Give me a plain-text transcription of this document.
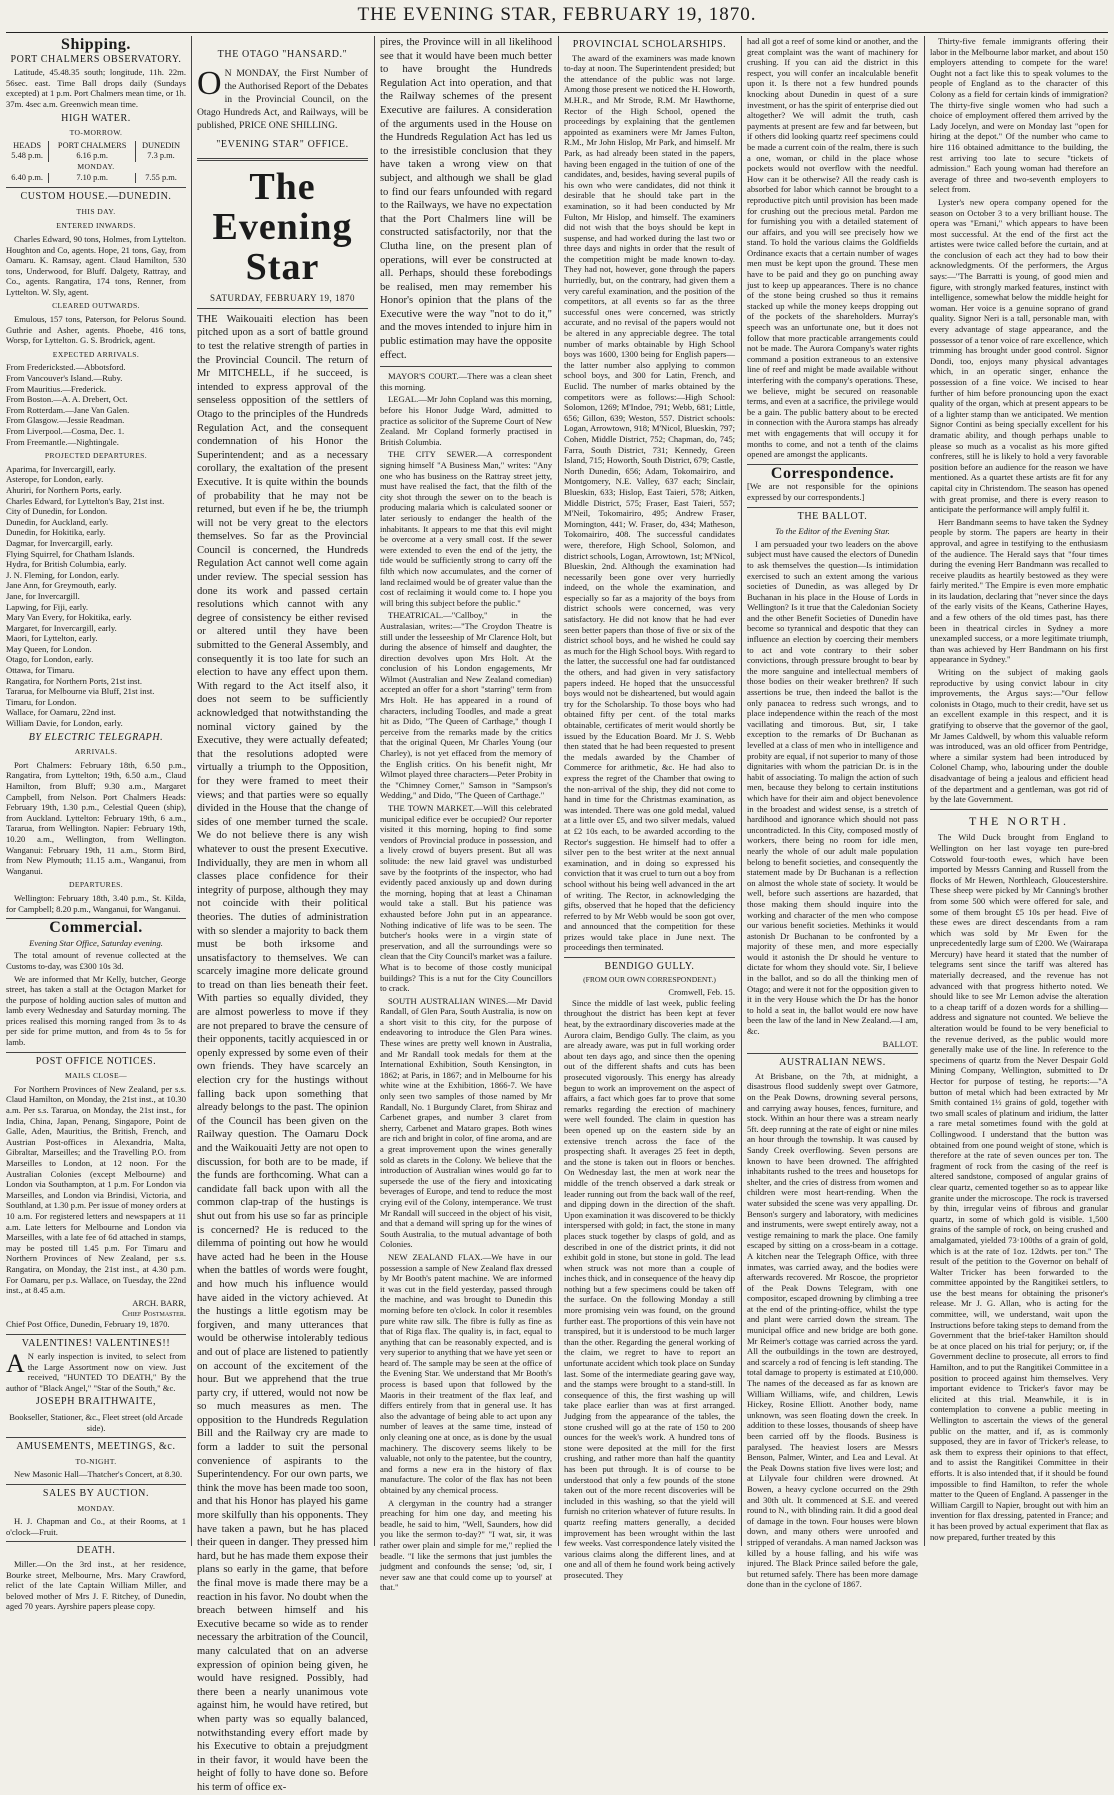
THE EVENING STAR, FEBRUARY 19, 1870.
Shipping.
PORT CHALMERS OBSERVATORY.

Latitude, 45.48.35 south; longitude, 11h. 22m. 56sec. east. Time Ball drops daily (Sundays excepted) at 1 p.m. Port Chalmers mean time, or 1h. 37m. 4sec a.m. Greenwich mean time.

HIGH WATER.
TO-MORROW.
HEADS	PORT CHALMERS	DUNEDIN
5.48 p.m.	6.16 p.m.	7.3 p.m.
MONDAY.		
6.40 p.m.	7.10 p.m.	7.55 p.m.
CUSTOM HOUSE.—DUNEDIN.
THIS DAY.
ENTERED INWARDS.

Charles Edward, 90 tons, Holmes, from Lyttelton. Houghton and Co, agents. Hope, 21 tons, Gay, from Oamaru. K. Ramsay, agent. Claud Hamilton, 530 tons, Underwood, for Bluff. Dalgety, Rattray, and Co., agents. Rangatira, 174 tons, Renner, from Lyttelton. W. Sly, agent.

CLEARED OUTWARDS.

Emulous, 157 tons, Paterson, for Pelorus Sound. Guthrie and Asher, agents. Phoebe, 416 tons, Worsp, for Lyttelton. G. S. Brodrick, agent.

EXPECTED ARRIVALS.
From Fredericksted.—Abbotsford.
From Vancouver's Island.—Ruby.
From Mauritius.—Frederick.
From Boston.—A. A. Drebert, Oct.
From Rotterdam.—Jane Van Galen.
From Glasgow.—Jessie Readman.
From Liverpool.—Cosma, Dec. 1.
From Freemantle.—Nightingale.
PROJECTED DEPARTURES.
Aparima, for Invercargill, early.
Asterope, for London, early.
Ahuriri, for Northern Ports, early.
Charles Edward, for Lyttelton's Bay, 21st inst.
City of Dunedin, for London.
Dunedin, for Auckland, early.
Dunedin, for Hokitika, early.
Dagmar, for Invercargill, early.
Flying Squirrel, for Chatham Islands.
Hydra, for British Columbia, early.
J. N. Fleming, for London, early.
Jane Ann, for Greymouth, early.
Jane, for Invercargill.
Lapwing, for Fiji, early.
Mary Van Every, for Hokitika, early.
Margaret, for Invercargill, early.
Maori, for Lyttelton, early.
May Queen, for London.
Otago, for London, early.
Ottawa, for Timaru.
Rangatira, for Northern Ports, 21st inst.
Tararua, for Melbourne via Bluff, 21st inst.
Timaru, for London.
Wallace, for Oamaru, 22nd inst.
William Davie, for London, early.
BY ELECTRIC TELEGRAPH.
ARRIVALS.

Port Chalmers: February 18th, 6.50 p.m., Rangatira, from Lyttelton; 19th, 6.50 a.m., Claud Hamilton, from Bluff; 9.30 a.m., Margaret Campbell, from Nelson. Port Chalmers Heads: February 19th, 1.30 p.m., Celestial Queen (ship), from Auckland. Lyttelton: February 19th, 6 a.m., Tararua, from Wellington. Napier: February 19th, 10.20 a.m., Wellington, from Wellington. Wanganui: February 19th, 11 a.m., Storm Bird, from New Plymouth; 11.15 a.m., Wanganui, from Wanganui.

DEPARTURES.

Wellington: February 18th, 3.40 p.m., St. Kilda, for Campbell; 8.20 p.m., Wanganui, for Wanganui.

Commercial.
Evening Star Office, Saturday evening.

The total amount of revenue collected at the Customs to-day, was £300 10s 3d.

We are informed that Mr Kelly, butcher, George street, has taken a stall at the Octagon Market for the purpose of holding auction sales of mutton and lamb every Wednesday and Saturday morning. The prices realised this morning ranged from 3s to 4s per side for prime mutton, and from 4s to 5s for lamb.

POST OFFICE NOTICES.
MAILS CLOSE—

For Northern Provinces of New Zealand, per s.s. Claud Hamilton, on Monday, the 21st inst., at 10.30 a.m. Per s.s. Tararua, on Monday, the 21st inst., for India, China, Japan, Penang, Singapore, Point de Galle, Aden, Mauritius, the British, French, and Austrian Post-offices in Alexandria, Malta, Gibraltar, Marseilles; and the Travelling P.O. from Marseilles to London, at 12 noon. For the Australian Colonies (except Melbourne) and London via Southampton, at 1 p.m. For London via Marseilles, and London via Brindisi, Victoria, and Southland, at 1.30 p.m. Per issue of money orders at 10 a.m. For registered letters and newspapers at 11 a.m. Late letters for Melbourne and London via Marseilles, with a late fee of 6d attached in stamps, may be posted till 1.45 p.m. For Timaru and Northern Provinces of New Zealand, per s.s. Rangatira, on Monday, the 21st inst., at 4.30 p.m. For Oamaru, per p.s. Wallace, on Tuesday, the 22nd inst., at 8.45 a.m.

ARCH. BARR,
Chief Postmaster.

Chief Post Office, Dunedin, February 19, 1870.

VALENTINES! VALENTINES!!

A N early inspection is invited, to select from the Large Assortment now on view. Just received, "HUNTED TO DEATH," By the author of "Black Angel," "Star of the South," &c.

JOSEPH BRAITHWAITE,
Bookseller, Stationer, &c., Fleet street (old Arcade side).
AMUSEMENTS, MEETINGS, &c.
TO-NIGHT.

New Masonic Hall—Thatcher's Concert, at 8.30.

SALES BY AUCTION.
MONDAY.

H. J. Chapman and Co., at their Rooms, at 1 o'clock—Fruit.

DEATH.

Miller.—On the 3rd inst., at her residence, Bourke street, Melbourne, Mrs. Mary Crawford, relict of the late Captain William Miller, and beloved mother of Mrs J. F. Ritchey, of Dunedin, aged 70 years. Ayrshire papers please copy.

THE OTAGO "HANSARD."

O N MONDAY, the First Number of the Authorised Report of the Debates in the Provincial Council, on the Otago Hundreds Act, and Railways, will be published, PRICE ONE SHILLING.

"EVENING STAR" OFFICE.
The Evening Star
SATURDAY, FEBRUARY 19, 1870

THE Waikouaiti election has been pitched upon as a sort of battle ground to test the relative strength of parties in the Provincial Council. The return of Mr MITCHELL, if he succeed, is intended to express approval of the senseless opposition of the settlers of Otago to the principles of the Hundreds Regulation Act, and the consequent condemnation of his Honor the Superintendent; and as a necessary corollary, the exaltation of the present Executive. It is quite within the bounds of probability that he may not be returned, but even if he be, the triumph will not be very great to the electors themselves. So far as the Provincial Council is concerned, the Hundreds Regulation Act cannot well come again under review. The special session has done its work and passed certain resolutions which cannot with any degree of consistency be either revised or altered until they have been submitted to the General Assembly, and consequently it is too late for such an election to have any effect upon them. With regard to the Act itself also, it does not seem to be sufficiently acknowledged that notwithstanding the nominal victory gained by the Executive, they were actually defeated; that the resolutions adopted were virtually a triumph to the Opposition, for they were framed to meet their views; and that parties were so equally divided in the House that the change of sides of one member turned the scale. We do not believe there is any wish whatever to oust the present Executive. Individually, they are men in whom all classes place confidence for their integrity of purpose, although they may not coincide with their political theories. The duties of administration with so slender a majority to back them must be both irksome and unsatisfactory to themselves. We can scarcely imagine more delicate ground to tread on than lies beneath their feet. With parties so equally divided, they are almost powerless to move if they are not prepared to brave the censure of their opponents, tacitly acquiesced in or openly expressed by some even of their own friends. They have scarcely an election cry for the hustings without falling back upon something that already belongs to the past. The opinion of the Council has been given on the Railway question. The Oamaru Dock and the Waikouaiti Jetty are not open to discussion, for both are to be made, if the funds are forthcoming. What can a candidate fall back upon with all the common clap-trap of the hustings is shut out from his use so far as principle is concerned? He is reduced to the dilemma of pointing out how he would have acted had he been in the House when the battles of words were fought, and how much his influence would have aided in the victory achieved. At the hustings a little egotism may be forgiven, and many utterances that would be otherwise intolerably tedious and out of place are listened to patiently on account of the excitement of the hour. But we apprehend that the true party cry, if uttered, would not now be so much measures as men. The opposition to the Hundreds Regulation Bill and the Railway cry are made to form a ladder to suit the personal convenience of aspirants to the Superintendency. For our own parts, we think the move has been made too soon, and that his Honor has played his game more skilfully than his opponents. They have taken a pawn, but he has placed their queen in danger. They pressed him hard, but he has made them expose their plans so early in the game, that before the final move is made there may be a reaction in his favor. No doubt when the breach between himself and his Executive became so wide as to render necessary the arbitration of the Council, many calculated that on an adverse expression of opinion being given, he would have resigned. Possibly, had there been a nearly unanimous vote against him, he would have retired, but when party was so equally balanced, notwithstanding every effort made by his Executive to obtain a prejudgment in their favor, it would have been the height of folly to have done so. Before his term of office ex-

pires, the Province will in all likelihood see that it would have been much better to have brought the Hundreds Regulation Act into operation, and that the Railway schemes of the present Executive are failures. A consideration of the arguments used in the House on the Hundreds Regulation Act has led us to the irresistible conclusion that they have taken a wrong view on that subject, and although we shall be glad to find our fears unfounded with regard to the Railways, we have no expectation that the Port Chalmers line will be constructed satisfactorily, nor that the Clutha line, on the present plan of operations, will ever be constructed at all. Perhaps, should these forebodings be realised, men may remember his Honor's opinion that the plans of the Executive were the way "not to do it," and the moves intended to injure him in public estimation may have the opposite effect.

MAYOR'S COURT.—There was a clean sheet this morning.

LEGAL.—Mr John Copland was this morning, before his Honor Judge Ward, admitted to practice as solicitor of the Supreme Court of New Zealand. Mr Copland formerly practised in British Columbia.

THE CITY SEWER.—A correspondent signing himself "A Business Man," writes: "Any one who has business on the Rattray street jetty, must have realised the fact, that the filth of the city shot through the sewer on to the beach is producing malaria which is calculated sooner or later seriously to endanger the health of the inhabitants. It appears to me that this evil might be overcome at a very small cost. If the sewer were extended to even the end of the jetty, the tide would be sufficiently strong to carry off the filth which now accumulates, and the corner of land reclaimed would be of greater value than the cost of reclaiming it would come to. I hope you will bring this subject before the public."

THEATRICAL.—"Callboy," in the Australasian, writes:—"The Croydon Theatre is still under the lesseeship of Mr Clarence Holt, but during the absence of himself and daughter, the direction devolves upon Mrs Holt. At the conclusion of his London engagements, Mr Wilmot (Australian and New Zealand comedian) accepted an offer for a short "starring" term from Mrs Holt. He has appeared in a round of characters, including Toodles, and made a great hit as Dido, "The Queen of Carthage," though I perceive from the remarks made by the critics that the original Queen, Mr Charles Young (our Charley), is not yet effaced from the memory of the English critics. On his benefit night, Mr Wilmot played three characters—Peter Probity in the "Chimney Corner," Samson in "Sampson's Wedding," and Dido, "The Queen of Carthage."

THE TOWN MARKET.—Will this celebrated municipal edifice ever be occupied? Our reporter visited it this morning, hoping to find some vendors of Provincial produce in possession, and a lively crowd of buyers present. But all was solitude: the new laid gravel was undisturbed save by the footprints of the inspector, who had evidently paced anxiously up and down during the morning, hoping that at least a Chinaman would take a stall. But his patience was exhausted before John put in an appearance. Nothing indicative of life was to be seen. The butcher's hooks were in a virgin state of preservation, and all the surroundings were so clean that the City Council's market was a failure. What is to become of those costly municipal buildings? This is a nut for the City Councillors to crack.

SOUTH AUSTRALIAN WINES.—Mr David Randall, of Glen Para, South Australia, is now on a short visit to this city, for the purpose of endeavoring to introduce the Glen Para wines. These wines are pretty well known in Australia, and Mr Randall took medals for them at the International Exhibition, South Kensington, in 1862; at Paris, in 1867; and in Melbourne for his white wine at the Exhibition, 1866-7. We have only seen two samples of those named by Mr Randall, No. 1 Burgundy Claret, from Shiraz and Carbenet grapes, and number 3 claret from sherry, Carbenet and Mataro grapes. Both wines are rich and bright in color, of fine aroma, and are a great improvement upon the wines generally sold as clarets in the Colony. We believe that the introduction of Australian wines would go far to supersede the use of the fiery and intoxicating beverages of Europe, and tend to reduce the most crying evil of the Colony, intemperance. We trust Mr Randall will succeed in the object of his visit, and that a demand will spring up for the wines of South Australia, to the mutual advantage of both Colonies.

NEW ZEALAND FLAX.—We have in our possession a sample of New Zealand flax dressed by Mr Booth's patent machine. We are informed it was cut in the field yesterday, passed through the machine, and was brought to Dunedin this morning before ten o'clock. In color it resembles pure white raw silk. The fibre is fully as fine as that of Riga flax. The quality is, in fact, equal to anything that can be reasonably expected, and is very superior to anything that we have yet seen or heard of. The sample may be seen at the office of the Evening Star. We understand that Mr Booth's process is based upon that followed by the Maoris in their treatment of the flax leaf, and differs entirely from that in general use. It has also the advantage of being able to act upon any number of leaves at the same time, instead of only cleaning one at once, as is done by the usual machinery. The discovery seems likely to be valuable, not only to the patentee, but the country, and forms a new era in the history of flax manufacture. The color of the flax has not been obtained by any chemical process.

A clergyman in the country had a stranger preaching for him one day, and meeting his beadle, he said to him, "Well, Saunders, how did you like the sermon to-day?" "I wat, sir, it was rather ower plain and simple for me," replied the beadle. "I like the sermons that just jumbles the judgment and confounds the sense; 'od, sir, I never saw ane that could come up to yoursel' at that."

PROVINCIAL SCHOLARSHIPS.

The award of the examiners was made known to-day at noon. The Superintendent presided; but the attendance of the public was not large. Among those present we noticed the H. Howorth, M.H.R., and Mr Strode, R.M. Mr Hawthorne, Rector of the High School, opened the proceedings by explaining that the gentlemen appointed as examiners were Mr James Fulton, R.M., Mr John Hislop, Mr Park, and himself. Mr Park, as had already been stated in the papers, having been engaged in the tuition of one of the candidates, and, besides, having several pupils of his own who were candidates, did not think it desirable that he should take part in the examination, so it had been conducted by Mr Fulton, Mr Hislop, and himself. The examiners did not wish that the boys should be kept in suspense, and had worked during the last two or three days and nights in order that the result of the competition might be made known to-day. They had not, however, gone through the papers hurriedly, but, on the contrary, had given them a very careful examination, and the position of the competitors, at all events so far as the three successful ones were concerned, was strictly accurate, and no revisal of the papers would not be altered in any appreciable degree. The total number of marks obtainable by High School boys was 1600, 1300 being for English papers—the latter number also applying to common school boys, and 300 for Latin, French, and Euclid. The number of marks obtained by the competitors were as follows:—High School: Solomon, 1269; M'Indoe, 791; Webb, 681; Little, 656; Gillon, 639; Weston, 557. District schools: Logan, Arrowtown, 918; M'Nicol, Blueskin, 797; Cohen, Middle District, 752; Chapman, do, 745; Farra, South District, 731; Kennedy, Green Island, 715; Howorth, South District, 679; Castle, North Dunedin, 656; Adam, Tokomairiro, and Montgomery, N.E. Valley, 637 each; Sinclair, Blueskin, 633; Hislop, East Taieri, 578; Aitken, Middle District, 575; Fraser, East Taieri, 557; M'Neil, Tokomairiro, 495; Andrew Fraser, Mornington, 441; W. Fraser, do, 434; Matheson, Tokomairiro, 408. The successful candidates were, therefore, High School, Solomon, and district schools, Logan, Arrowtown, 1st; M'Nicol, Blueskin, 2nd. Although the examination had necessarily been gone over very hurriedly indeed, on the whole the examination, and especially so far as a majority of the boys from district schools were concerned, was very satisfactory. He did not know that he had ever seen better papers than those of five or six of the district school boys, and he wished he could say as much for the High School boys. With regard to the latter, the successful one had far outdistanced the others, and had given in very satisfactory papers indeed. He hoped that the unsuccessful boys would not be disheartened, but would again try for the Scholarship. To those boys who had obtained fifty per cent. of the total marks obtainable, certificates of merit would shortly be issued by the Education Board. Mr J. S. Webb then stated that he had been requested to present the medals awarded by the Chamber of Commerce for arithmetic, &c. He had also to express the regret of the Chamber that owing to the non-arrival of the ship, they did not come to hand in time for the Christmas examination, as was intended. There was one gold medal, valued at a little over £5, and two silver medals, valued at £2 10s each, to be awarded according to the Rector's suggestion. He himself had to offer a silver pen to the best writer at the next annual examination, and in doing so expressed his conviction that it was cruel to turn out a boy from school without his being well advanced in the art of writing. The Rector, in acknowledging the gifts, observed that he hoped that the deficiency referred to by Mr Webb would be soon got over, and announced that the competition for these prizes would take place in June next. The proceedings then terminated.

BENDIGO GULLY.
(FROM OUR OWN CORRESPONDENT.)
Cromwell, Feb. 15.

Since the middle of last week, public feeling throughout the district has been kept at fever heat, by the extraordinary discoveries made at the Aurora claim, Bendigo Gully. The claim, as you are already aware, was put in full working order about ten days ago, and since then the opening out of the different shafts and cuts has been prosecuted vigorously. This energy has already begun to work an improvement on the aspect of affairs, a fact which goes far to prove that some remarks regarding the erection of machinery were well founded. The claim in question has been opened up on the eastern side by an extensive trench across the face of the prospecting shaft. It averages 25 feet in depth, and the stone is taken out in floors or benches. On Wednesday last, the men at work near the middle of the trench observed a dark streak or leader running out from the back wall of the reef, and dipping down in the direction of the shaft. Upon examination it was discovered to be thickly interspersed with gold; in fact, the stone in many places stuck together by clasps of gold, and as described in one of the district prints, it did not exhibit gold in stone, but stone in gold. The lead when struck was not more than a couple of inches thick, and in consequence of the heavy dip nothing but a few specimens could be taken off the surface. On the following Monday a still more promising vein was found, on the ground further east. The proportions of this vein have not transpired, but it is understood to be much larger than the other. Regarding the general working of the claim, we regret to have to report an unfortunate accident which took place on Sunday last. Some of the intermediate gearing gave way, and the stamps were brought to a stand-still. In consequence of this, the first washing up will take place earlier than was at first arranged. Judging from the appearance of the tables, the stone crushed will go at the rate of 150 to 200 ounces for the week's work. A hundred tons of stone were deposited at the mill for the first crushing, and rather more than half the quantity has been put through. It is of course to be understood that only a few pounds of the stone taken out of the more recent discoveries will be included in this washing, so that the yield will furnish no criterion whatever of future results. In quartz reefing matters generally, a decided improvement has been wrought within the last few weeks. Vast correspondence lately visited the various claims along the different lines, and at one and all of them he found work being actively prosecuted. They

had all got a reef of some kind or another, and the great complaint was the want of machinery for crushing. If you can aid the district in this respect, you will confer an incalculable benefit upon it. Is there not a few hundred pounds knocking about Dunedin in quest of a sure investment, or has the spirit of enterprise died out altogether? We will admit the truth, cash payments at present are few and far between, but if others did looking quartz reef specimens could be made a current coin of the realm, there is such a one, woman, or child in the place whose pockets would not overflow with the needful. How can it be otherwise? All the ready cash is absorbed for labor which cannot be brought to a reproductive pitch until provision has been made for crushing out the precious metal. Pardon me for furnishing you with a detailed statement of our affairs, and you will see precisely how we stand. To hold the various claims the Goldfields Ordinance exacts that a certain number of wages men must be kept upon the ground. These men have to be paid and they go on punching away just to keep up appearances. There is no chance of the stone being crushed so thus it remains stacked up while the money keeps dropping out of the pockets of the shareholders. Murray's speech was an unfortunate one, but it does not follow that more practicable arrangements could not be made. The Aurora Company's water rights command a position extraneous to an extensive line of reef and might be made available without interfering with the company's operations. These, we believe, might be secured on reasonable terms, and even at a sacrifice, the privilege would be a gain. The public battery about to be erected in connection with the Aurora stamps has already met with engagements that will occupy it for months to come, and not a tenth of the claims opened are amongst the applicants.

Correspondence.

[We are not responsible for the opinions expressed by our correspondents.]

THE BALLOT.
To the Editor of the Evening Star.

I am persuaded your two leaders on the above subject must have caused the electors of Dunedin to ask themselves the question—Is intimidation exercised to such an extent among the various societies of Dunedin, as was alleged by Dr Buchanan in his place in the House of Lords in Wellington? Is it true that the Caledonian Society and the other Benefit Societies of Dunedin have become so tyrannical and despotic that they can influence an election by coercing their members to act and vote contrary to their sober convictions, through pressure brought to bear by the more sanguine and intellectual members of those bodies on their weaker brethren? If such assertions be true, then indeed the ballot is the only panacea to redress such wrongs, and to place independence within the reach of the most vacillating and timorous. But, sir, I take exception to the remarks of Dr Buchanan as levelled at a class of men who in intelligence and probity are equal, if not superior to many of those dignitaries with whom the patrician Dr. is in the habit of associating. To malign the action of such men, because they belong to certain institutions which have for their aim and object benevolence in the broadest and widest sense, is a stretch of hardihood and ignorance which should not pass uncontradicted. In this City, composed mostly of workers, there being no room for idle men, nearly the whole of our adult male population belong to benefit societies, and consequently the statement made by Dr Buchanan is a reflection on almost the whole state of society. It would be well, before such assertions are hazarded, that those making them should inquire into the working and character of the men who compose our various benefit societies. Methinks it would astonish Dr Buchanan to be confronted by a majority of these men, and more especially would it astonish the Dr should he venture to dictate for whom they should vote. Sir, I believe in the ballot, and so do all the thinking men of Otago; and were it not for the opposition given to it in the very House which the Dr has the honor to hold a seat in, the ballot would ere now have been the law of the land in New Zealand.—I am, &c.

BALLOT.
AUSTRALIAN NEWS.

At Brisbane, on the 7th, at midnight, a disastrous flood suddenly swept over Gatmore, on the Peak Downs, drowning several persons, and carrying away houses, fences, furniture, and stock. Within an hour there was a stream nearly 5ft. deep running at the rate of eight or nine miles an hour through the township. It was caused by Sandy Creek overflowing. Seven persons are known to have been drowned. The affrighted inhabitants rushed to the trees and housetops for shelter, and the cries of distress from women and children were most heart-rending. When the water subsided the scene was very appalling. Dr. Benson's surgery and laboratory, with medicines and instruments, were swept entirely away, not a vestige remaining to mark the place. One family escaped by sitting on a cross-beam in a cottage. A kitchen near the Telegraph Office, with three inmates, was carried away, and the bodies were afterwards recovered. Mr Roscoe, the proprietor of the Peak Downs Telegram, with one compositor, escaped drowning by climbing a tree at the end of the printing-office, whilst the type and plant were carried down the stream. The municipal office and new bridge are both gone. Mr Reimer's cottage was carried across the yard. All the outbuildings in the town are destroyed, and scarcely a rod of fencing is left standing. The total damage to property is estimated at £10,000. The names of the deceased as far as known are William Williams, wife, and children, Lewis Hickey, Rosine Elliott. Another body, name unknown, was seen floating down the creek. In addition to these losses, thousands of sheep have been carried off by the floods. Business is paralysed. The heaviest losers are Messrs Benson, Palmer, Winter, and Lea and Leval. At the Peak Downs station five lives were lost; and at Lilyvale four children were drowned. At Bowen, a heavy cyclone occurred on the 29th and 30th ult. It commenced at S.E. and veered round to N., with blinding rain. It did a good deal of damage in the town. Four houses were blown down, and many others were unroofed and stripped of verandahs. A man named Jackson was killed by a house falling, and his wife was injured. The Black Prince sailed before the gale, but returned safely. There has been more damage done than in the cyclone of 1867.

Thirty-five female immigrants offering their labor in the Melbourne labor market, and about 150 employers attending to compete for the ware! Ought not a fact like this to speak volumes to the people of England as to the character of this Colony as a field for certain kinds of immigration? The thirty-five single women who had such a choice of employment offered them arrived by the Lady Jocelyn, and were on Monday last "open for hiring at the depot." Of the number who came to hire 116 obtained admittance to the building, the rest arriving too late to secure "tickets of admission." Each young woman had therefore an average of three and two-seventh employers to select from.

Lyster's new opera company opened for the season on October 3 to a very brilliant house. The opera was "Ernani," which appears to have been most successful. At the end of the first act the artistes were twice called before the curtain, and at the conclusion of each act they had to bow their acknowledgments. Of the performers, the Argus says:—"The Barratti is young, of good mien and figure, with strongly marked features, instinct with intelligence, somewhat below the middle height for woman. Her voice is a genuine soprano of grand quality. Signor Neri is a tall, personable man, with every advantage of stage appearance, and the possessor of a tenor voice of rare excellence, which trimming has brought under good control. Signor Dondi, too, enjoys many physical advantages which, in an operatic singer, enhance the possession of a fine voice. We incised to hear further of him before pronouncing upon the exact quality of the organ, which at present appears to be of a lighter stamp than we anticipated. We mention Signor Contini as being specially excellent for his dramatic ability, and though perhaps unable to please so much as a vocalist as his more gifted confreres, still he is likely to hold a very favorable position before an audience for the reason we have mentioned. As a quartet these artists are fit for any capital city in Christendom. The season has opened with great promise, and there is every reason to anticipate the performance will amply fulfil it.

Herr Bandmann seems to have taken the Sydney people by storm. The papers are hearty in their approval, and agree in testifying to the enthusiasm of the audience. The Herald says that "four times during the evening Herr Bandmann was recalled to receive plaudits as heartily bestowed as they were fairly merited." The Empire is even more emphatic in its laudation, declaring that "never since the days of the early visits of the Keans, Catherine Hayes, and a few others of the old times past, has there been in theatrical circles in Sydney a more unexampled success, or a more legitimate triumph, than was achieved by Herr Bandmann on his first appearance in Sydney."

Writing on the subject of making gaols reproductive by using convict labour in city improvements, the Argus says:—"Our fellow colonists in Otago, much to their credit, have set us an excellent example in this respect, and it is gratifying to observe that the governor of the gaol, Mr James Caldwell, by whom this valuable reform was introduced, was an old officer from Pentridge, where a similar system had been introduced by Colonel Champ, who, labouring under the double disadvantage of being a jealous and efficient head of the department and a gentleman, was got rid of by the late Government.

THE NORTH.

The Wild Duck brought from England to Wellington on her last voyage ten pure-bred Cotswold four-tooth ewes, which have been imported by Messrs Canning and Russell from the flocks of Mr Hewen, Northleach, Gloucestershire. These sheep were picked by Mr Canning's brother from some 500 which were offered for sale, and some of them brought £5 10s per head. Five of these ewes are direct descendants from a ram which was sold by Mr Ewen for the unprecedentedly large sum of £200. We (Wairarapa Mercury) have heard it stated that the number of telegrams sent since the tariff was altered has materially decreased, and the revenue has not advanced with that progress hitherto noted. We should like to see Mr Lemon advise the alteration to a cheap tariff of a dozen words for a shilling—address and signature not counted. We believe the alteration would be found to be very beneficial to the revenue derived, as the public would more generally make use of the line. In reference to the specimens of quartz from the Never Despair Gold Mining Company, Wellington, submitted to Dr Hector for purpose of testing, he reports:—"A button of metal which had been extracted by Mr Smith contained 1½ grains of gold, together with two small scales of platinum and iridium, the latter a rare metal sometimes found with the gold at Collingwood. I understand that the button was obtained from one pound weight of stone, which is therefore at the rate of seven ounces per ton. The fragment of rock from the casing of the reef is altered sandstone, composed of angular grains of clear quartz, cemented together so as to appear like granite under the microscope. The rock is traversed by thin, irregular veins of fibrous and granular quartz, in some of which gold is visible. 1,500 grains of the sample of rock, on being crushed and amalgamated, yielded 73·100ths of a grain of gold, which is at the rate of 1oz. 12dwts. per ton." The result of the petition to the Governor on behalf of Walter Tricker has been forwarded to the committee appointed by the Rangitikei settlers, to use the best means for obtaining the prisoner's release. Mr J. G. Allan, who is acting for the committee, will, we understand, wait upon the Instructions before taking steps to demand from the Government that the brief-taker Hamilton should be at once placed on his trial for perjury; or, if the Government decline to prosecute, all errors to find Hamilton, and to put the Rangitikei Committee in a position to proceed against him themselves. Very important evidence to Tricker's favor may be elicited at this trial. Meanwhile, it is in contemplation to convene a public meeting in Wellington to ascertain the views of the general public on the matter, and if, as is commonly supposed, they are in favor of Tricker's release, to ask them to express their opinions to that effect, and to assist the Rangitikei Committee in their efforts. It is also intended that, if it should be found impossible to find Hamilton, to refer the whole matter to the Queen of England. A passenger in the William Cargill to Napier, brought out with him an invention for flax dressing, patented in France; and it has been proved by actual experiment that flax as now prepared, further treated by this
